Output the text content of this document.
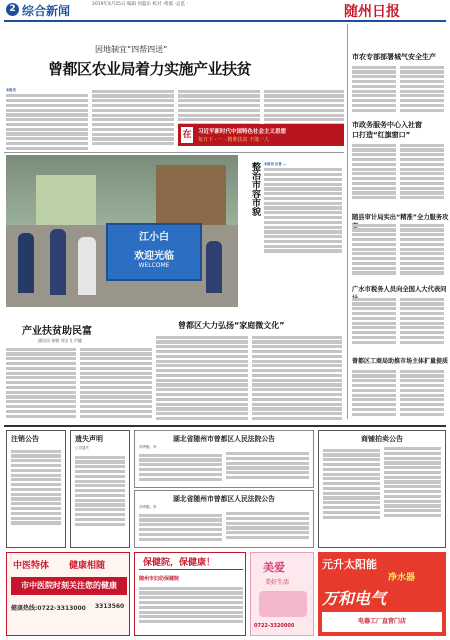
2 综合新闻	2019年4月25日 编辑 何蕴乐 校对 ·组版 ·总监 ·	随州日报
因地制宜“四帮四送”
曾都区农业局着力实施产业扶贫
本报讯
在 习近平新时代中国特色社会主义思想
每日下 · 一 · 精准扶贫 不落一人
江小白
欢迎光临
WELCOME
整治市容市貌 本报讯 记者 ...
产业扶贫助民富
通讯员 张敏 刘宝飞 芦婕
曾都区大力弘扬“家庭微文化”
市农专部部署城气安全生产
市政务服务中心入社窗口打造“红旗窗口”
随县审计局实出“精准”全力服务攻
广水市税务人员向全国人大代表问
曾都区工商局助推市场主体扩量提质
注销公告	遗失声明
公司遗失
湖北省随州市曾都区人民法院公告
刘秀刚、李
湖北省随州市曾都区人民法院公告
刘秀刚、李
商铺拍卖公告
中医特体 健康相随
市中医院时刻关注您的健康
健康热线:0722-3313000 3313560
保健院，保健康！
随州市妇幼保健院
美爱
美好生活
0722-3320000
元升太阳能
净水器
万和电气
电器工厂直营门店
